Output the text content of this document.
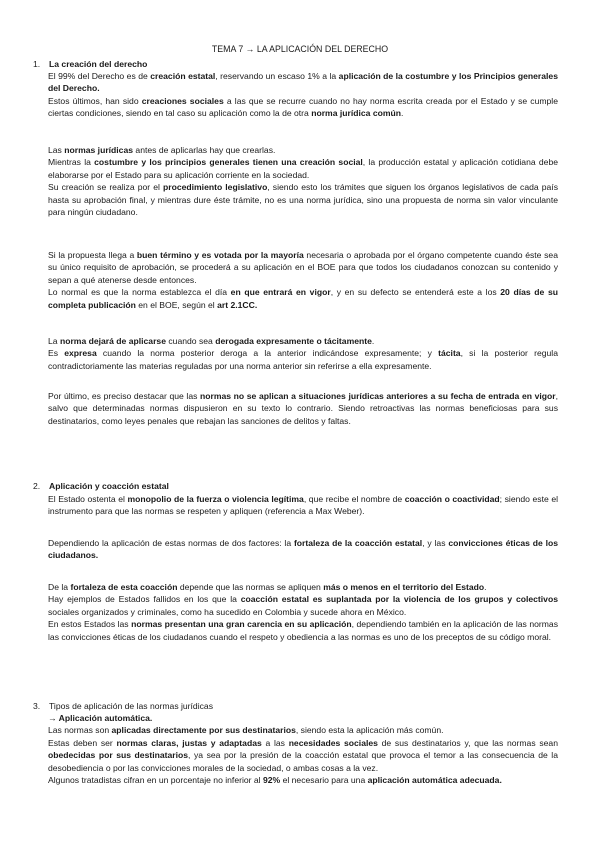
TEMA 7 → LA APLICACIÓN DEL DERECHO
1. La creación del derecho

El 99% del Derecho es de creación estatal, reservando un escaso 1% a la aplicación de la costumbre y los Principios generales del Derecho.

Estos últimos, han sido creaciones sociales a las que se recurre cuando no hay norma escrita creada por el Estado y se cumple ciertas condiciones, siendo en tal caso su aplicación como la de otra norma jurídica común.

Las normas jurídicas antes de aplicarlas hay que crearlas.

Mientras la costumbre y los principios generales tienen una creación social, la producción estatal y aplicación cotidiana debe elaborarse por el Estado para su aplicación corriente en la sociedad.

Su creación se realiza por el procedimiento legislativo, siendo esto los trámites que siguen los órganos legislativos de cada país hasta su aprobación final, y mientras dure éste trámite, no es una norma jurídica, sino una propuesta de norma sin valor vinculante para ningún ciudadano.

Si la propuesta llega a buen término y es votada por la mayoría necesaria o aprobada por el órgano competente cuando éste sea su único requisito de aprobación, se procederá a su aplicación en el BOE para que todos los ciudadanos conozcan su contenido y sepan a qué atenerse desde entonces.

Lo normal es que la norma establezca el día en que entrará en vigor, y en su defecto se entenderá este a los 20 días de su completa publicación en el BOE, según el art 2.1CC.

La norma dejará de aplicarse cuando sea derogada expresamente o tácitamente.

Es expresa cuando la norma posterior deroga a la anterior indicándose expresamente; y tácita, si la posterior regula contradictoriamente las materias reguladas por una norma anterior sin referirse a ella expresamente.

Por último, es preciso destacar que las normas no se aplican a situaciones jurídicas anteriores a su fecha de entrada en vigor, salvo que determinadas normas dispusieron en su texto lo contrario. Siendo retroactivas las normas beneficiosas para sus destinatarios, como leyes penales que rebajan las sanciones de delitos y faltas.

2. Aplicación y coacción estatal

El Estado ostenta el monopolio de la fuerza o violencia legítima, que recibe el nombre de coacción o coactividad; siendo este el instrumento para que las normas se respeten y apliquen (referencia a Max Weber).

Dependiendo la aplicación de estas normas de dos factores: la fortaleza de la coacción estatal, y las convicciones éticas de los ciudadanos.

De la fortaleza de esta coacción depende que las normas se apliquen más o menos en el territorio del Estado.

Hay ejemplos de Estados fallidos en los que la coacción estatal es suplantada por la violencia de los grupos y colectivos sociales organizados y criminales, como ha sucedido en Colombia y sucede ahora en México.

En estos Estados las normas presentan una gran carencia en su aplicación, dependiendo también en la aplicación de las normas las convicciones éticas de los ciudadanos cuando el respeto y obediencia a las normas es uno de los preceptos de su código moral.

3. Tipos de aplicación de las normas jurídicas

→ Aplicación automática.

Las normas son aplicadas directamente por sus destinatarios, siendo esta la aplicación más común.

Estas deben ser normas claras, justas y adaptadas a las necesidades sociales de sus destinatarios y, que las normas sean obedecidas por sus destinatarios, ya sea por la presión de la coacción estatal que provoca el temor a las consecuencia de la desobediencia o por las convicciones morales de la sociedad, o ambas cosas a la vez.

Algunos tratadistas cifran en un porcentaje no inferior al 92% el necesario para una aplicación automática adecuada.
